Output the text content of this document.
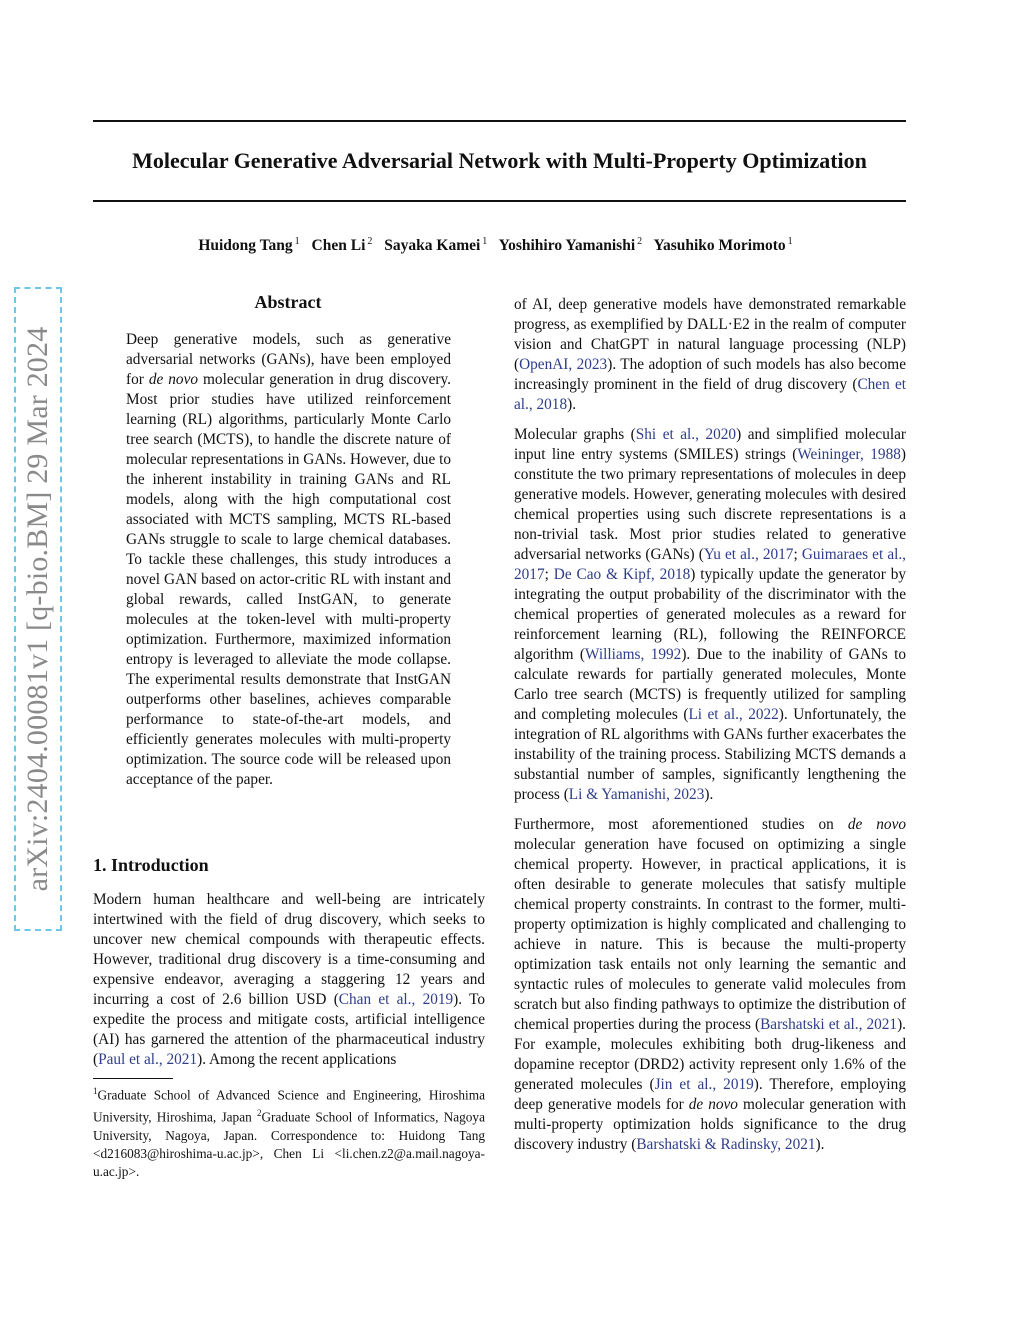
Molecular Generative Adversarial Network with Multi-Property Optimization
Huidong Tang $^1$ Chen Li $^2$ Sayaka Kamei $^1$ Yoshihiro Yamanishi $^2$ Yasuhiko Morimoto $^1$
arXiv:2404.00081v1 [q-bio.BM] 29 Mar 2024
Abstract
Deep generative models, such as generative adversarial networks (GANs), have been employed for de novo molecular generation in drug discovery. Most prior studies have utilized reinforcement learning (RL) algorithms, particularly Monte Carlo tree search (MCTS), to handle the discrete nature of molecular representations in GANs. However, due to the inherent instability in training GANs and RL models, along with the high computational cost associated with MCTS sampling, MCTS RL-based GANs struggle to scale to large chemical databases. To tackle these challenges, this study introduces a novel GAN based on actor-critic RL with instant and global rewards, called InstGAN, to generate molecules at the token-level with multi-property optimization. Furthermore, maximized information entropy is leveraged to alleviate the mode collapse. The experimental results demonstrate that InstGAN outperforms other baselines, achieves comparable performance to state-of-the-art models, and efficiently generates molecules with multi-property optimization. The source code will be released upon acceptance of the paper.
1. Introduction

Modern human healthcare and well-being are intricately intertwined with the field of drug discovery, which seeks to uncover new chemical compounds with therapeutic effects. However, traditional drug discovery is a time-consuming and expensive endeavor, averaging a staggering 12 years and incurring a cost of 2.6 billion USD (Chan et al., 2019). To expedite the process and mitigate costs, artificial intelligence (AI) has garnered the attention of the pharmaceutical industry (Paul et al., 2021). Among the recent applications

$^1$Graduate School of Advanced Science and Engineering, Hiroshima University, Hiroshima, Japan $^2$Graduate School of Informatics, Nagoya University, Nagoya, Japan. Correspondence to: Huidong Tang <d216083@hiroshima-u.ac.jp>, Chen Li <li.chen.z2@a.mail.nagoya-u.ac.jp>.

of AI, deep generative models have demonstrated remarkable progress, as exemplified by DALL·E2 in the realm of computer vision and ChatGPT in natural language processing (NLP) (OpenAI, 2023). The adoption of such models has also become increasingly prominent in the field of drug discovery (Chen et al., 2018).

Molecular graphs (Shi et al., 2020) and simplified molecular input line entry systems (SMILES) strings (Weininger, 1988) constitute the two primary representations of molecules in deep generative models. However, generating molecules with desired chemical properties using such discrete representations is a non-trivial task. Most prior studies related to generative adversarial networks (GANs) (Yu et al., 2017; Guimaraes et al., 2017; De Cao & Kipf, 2018) typically update the generator by integrating the output probability of the discriminator with the chemical properties of generated molecules as a reward for reinforcement learning (RL), following the REINFORCE algorithm (Williams, 1992). Due to the inability of GANs to calculate rewards for partially generated molecules, Monte Carlo tree search (MCTS) is frequently utilized for sampling and completing molecules (Li et al., 2022). Unfortunately, the integration of RL algorithms with GANs further exacerbates the instability of the training process. Stabilizing MCTS demands a substantial number of samples, significantly lengthening the process (Li & Yamanishi, 2023).

Furthermore, most aforementioned studies on de novo molecular generation have focused on optimizing a single chemical property. However, in practical applications, it is often desirable to generate molecules that satisfy multiple chemical property constraints. In contrast to the former, multi-property optimization is highly complicated and challenging to achieve in nature. This is because the multi-property optimization task entails not only learning the semantic and syntactic rules of molecules to generate valid molecules from scratch but also finding pathways to optimize the distribution of chemical properties during the process (Barshatski et al., 2021). For example, molecules exhibiting both drug-likeness and dopamine receptor (DRD2) activity represent only 1.6% of the generated molecules (Jin et al., 2019). Therefore, employing deep generative models for de novo molecular generation with multi-property optimization holds significance to the drug discovery industry (Barshatski & Radinsky, 2021).
